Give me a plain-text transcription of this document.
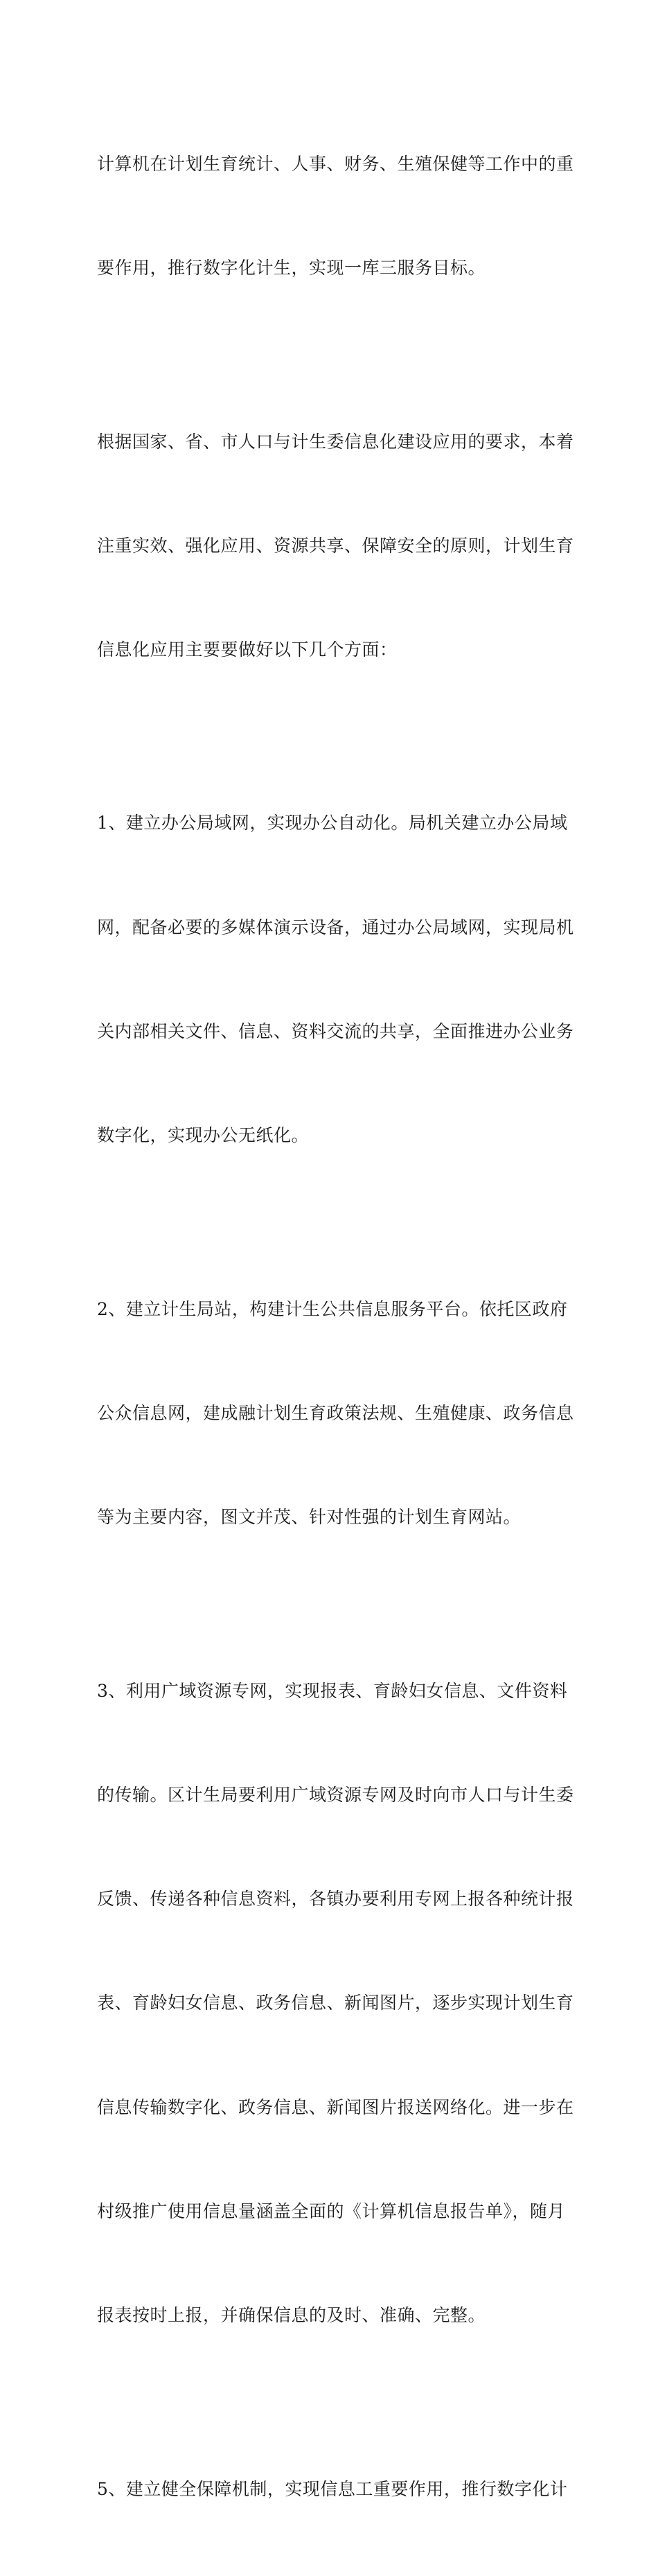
计算机在计划生育统计、人事、财务、生殖保健等工作中的重

要作用，推行数字化计生，实现一库三服务目标。

根据国家、省、市人口与计生委信息化建设应用的要求，本着

注重实效、强化应用、资源共享、保障安全的原则，计划生育

信息化应用主要要做好以下几个方面：

1、建立办公局域网，实现办公自动化。局机关建立办公局域

网，配备必要的多媒体演示设备，通过办公局域网，实现局机

关内部相关文件、信息、资料交流的共享，全面推进办公业务

数字化，实现办公无纸化。

2、建立计生局站，构建计生公共信息服务平台。依托区政府

公众信息网，建成融计划生育政策法规、生殖健康、政务信息

等为主要内容，图文并茂、针对性强的计划生育网站。

3、利用广域资源专网，实现报表、育龄妇女信息、文件资料

的传输。区计生局要利用广域资源专网及时向市人口与计生委

反馈、传递各种信息资料，各镇办要利用专网上报各种统计报

表、育龄妇女信息、政务信息、新闻图片，逐步实现计划生育

信息传输数字化、政务信息、新闻图片报送网络化。进一步在

村级推广使用信息量涵盖全面的《计算机信息报告单》，随月

报表按时上报，并确保信息的及时、准确、完整。

5、建立健全保障机制，实现信息工重要作用，推行数字化计
